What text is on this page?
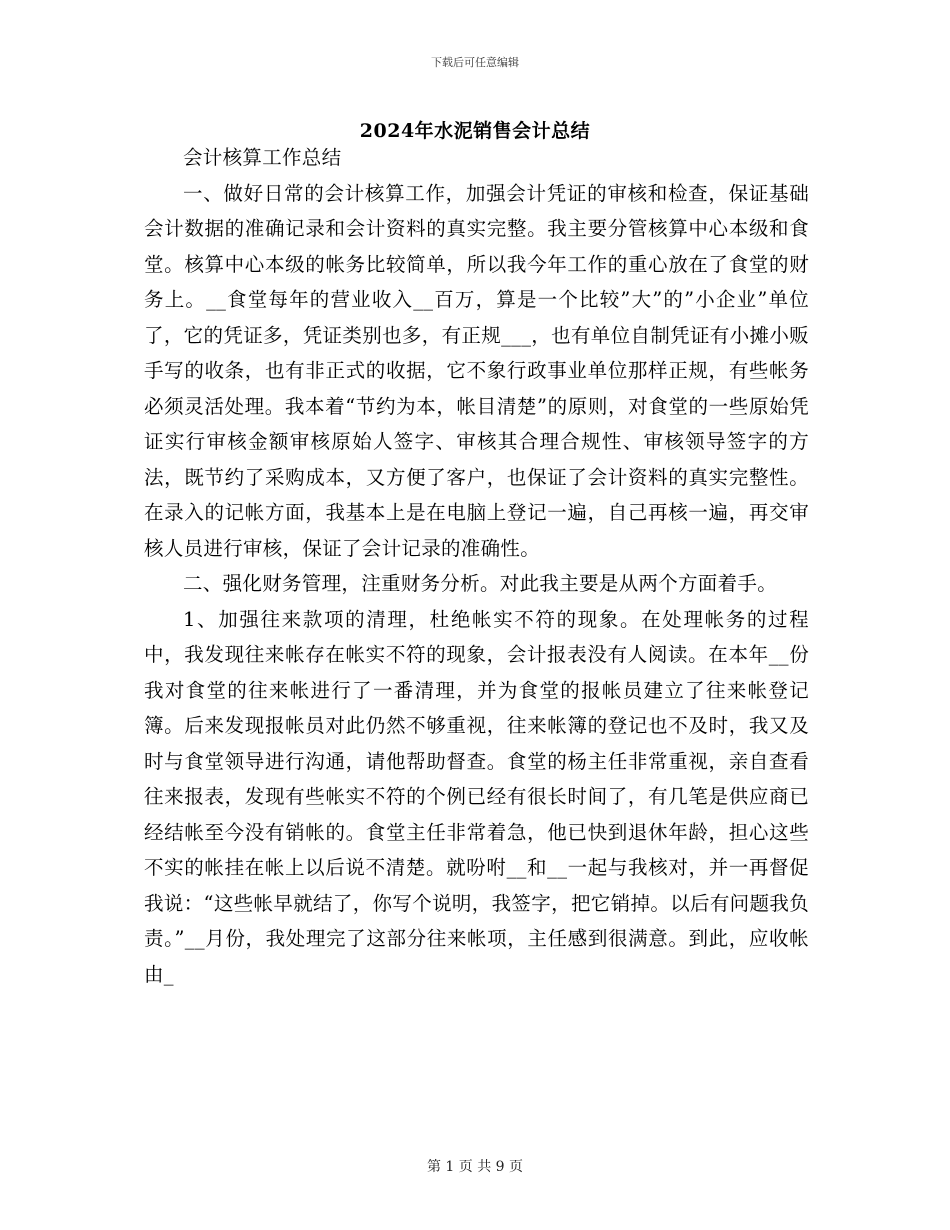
下载后可任意编辑
2024年水泥销售会计总结

会计核算工作总结

一、做好日常的会计核算工作，加强会计凭证的审核和检查，保证基础会计数据的准确记录和会计资料的真实完整。我主要分管核算中心本级和食堂。核算中心本级的帐务比较简单，所以我今年工作的重心放在了食堂的财务上。__食堂每年的营业收入__百万，算是一个比较”大”的”小企业”单位了，它的凭证多，凭证类别也多，有正规___，也有单位自制凭证有小摊小贩手写的收条，也有非正式的收据，它不象行政事业单位那样正规，有些帐务必须灵活处理。我本着“节约为本，帐目清楚”的原则，对食堂的一些原始凭证实行审核金额审核原始人签字、审核其合理合规性、审核领导签字的方法，既节约了采购成本，又方便了客户，也保证了会计资料的真实完整性。在录入的记帐方面，我基本上是在电脑上登记一遍，自己再核一遍，再交审核人员进行审核，保证了会计记录的准确性。

二、强化财务管理，注重财务分析。对此我主要是从两个方面着手。

1、加强往来款项的清理，杜绝帐实不符的现象。在处理帐务的过程中，我发现往来帐存在帐实不符的现象，会计报表没有人阅读。在本年__份我对食堂的往来帐进行了一番清理，并为食堂的报帐员建立了往来帐登记簿。后来发现报帐员对此仍然不够重视，往来帐簿的登记也不及时，我又及时与食堂领导进行沟通，请他帮助督查。食堂的杨主任非常重视，亲自查看往来报表，发现有些帐实不符的个例已经有很长时间了，有几笔是供应商已经结帐至今没有销帐的。食堂主任非常着急，他已快到退休年龄，担心这些不实的帐挂在帐上以后说不清楚。就吩咐__和__一起与我核对，并一再督促我说：“这些帐早就结了，你写个说明，我签字，把它销掉。以后有问题我负责。”__月份，我处理完了这部分往来帐项，主任感到很满意。到此，应收帐由_

第 1 页 共 9 页
